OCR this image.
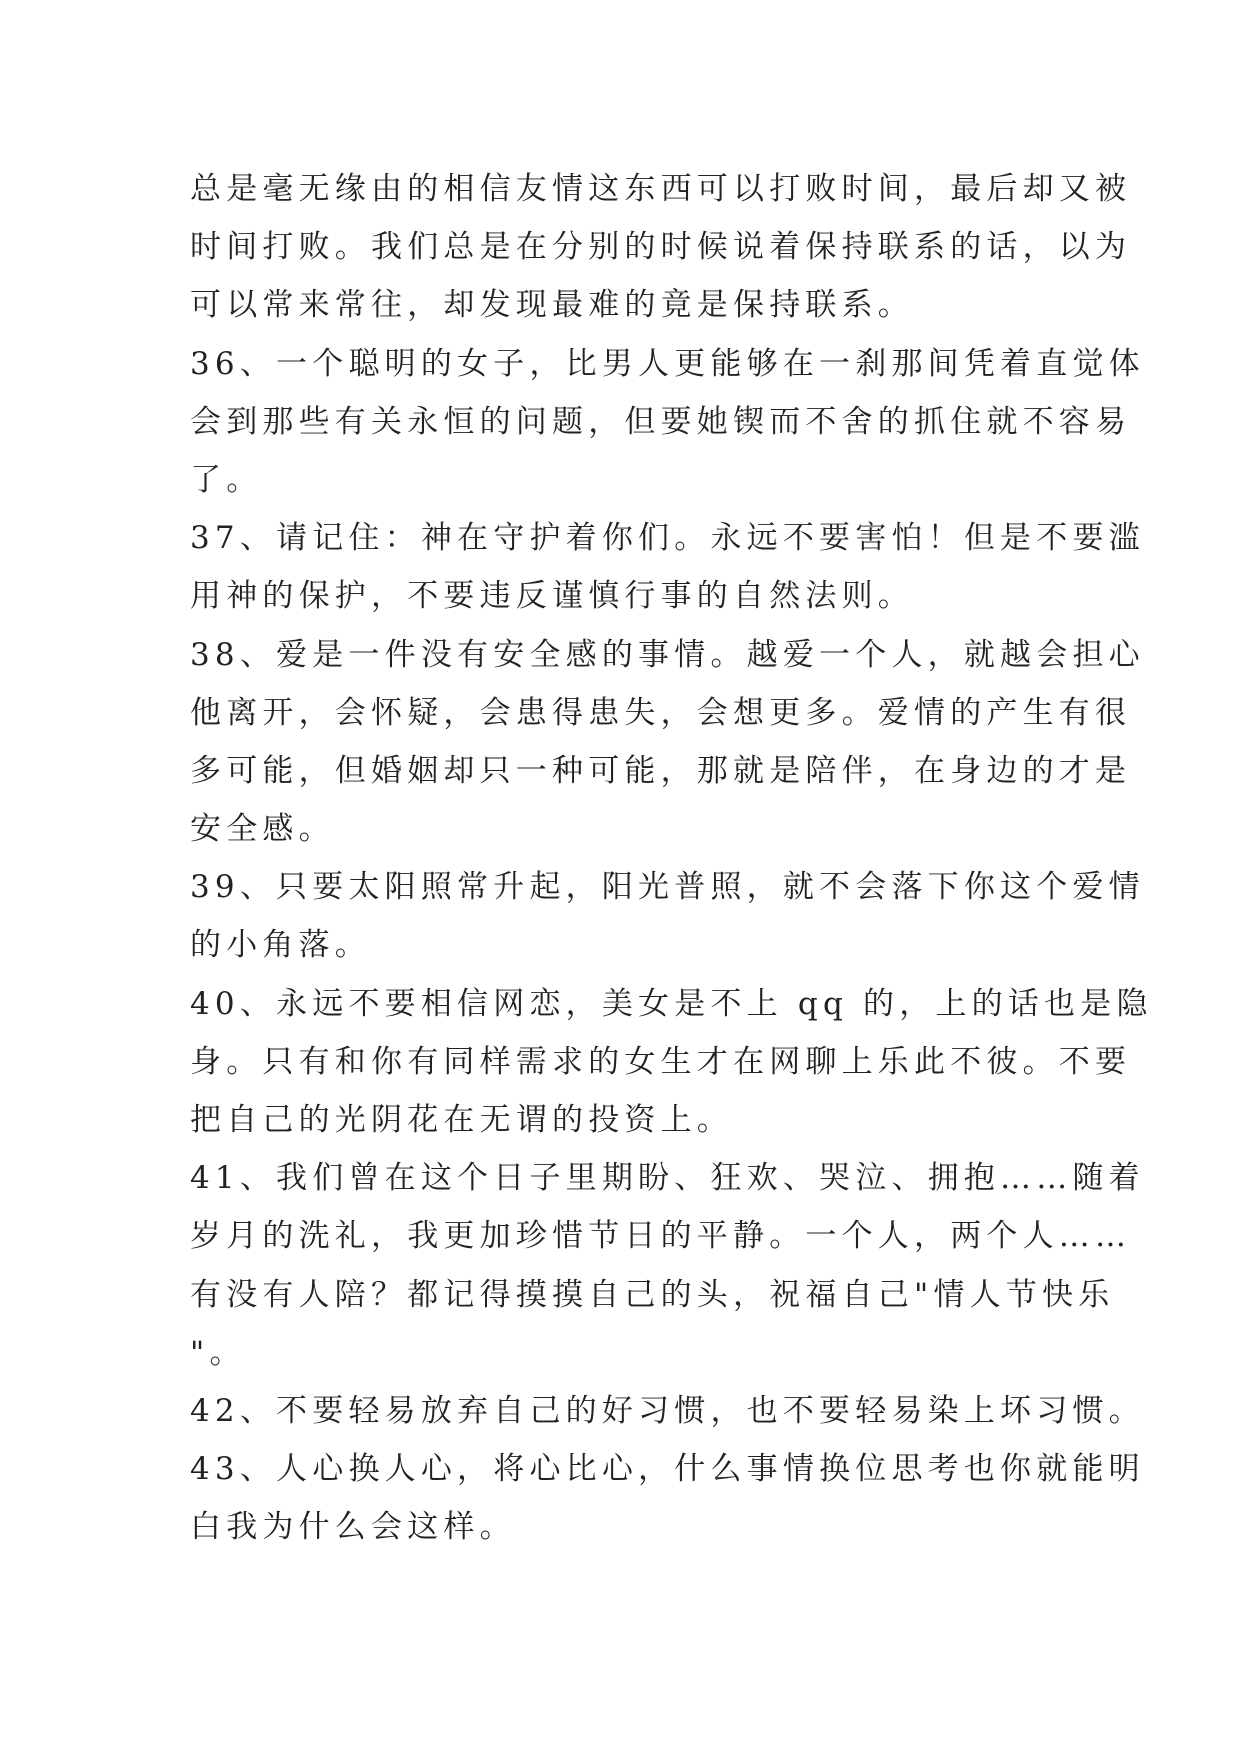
总是毫无缘由的相信友情这东西可以打败时间，最后却又被
时间打败。我们总是在分别的时候说着保持联系的话，以为
可以常来常往，却发现最难的竟是保持联系。
36、一个聪明的女子，比男人更能够在一刹那间凭着直觉体
会到那些有关永恒的问题，但要她锲而不舍的抓住就不容易
了。
37、请记住：神在守护着你们。永远不要害怕！但是不要滥
用神的保护，不要违反谨慎行事的自然法则。
38、爱是一件没有安全感的事情。越爱一个人，就越会担心
他离开，会怀疑，会患得患失，会想更多。爱情的产生有很
多可能，但婚姻却只一种可能，那就是陪伴，在身边的才是
安全感。
39、只要太阳照常升起，阳光普照，就不会落下你这个爱情
的小角落。
40、永远不要相信网恋，美女是不上 qq 的，上的话也是隐
身。只有和你有同样需求的女生才在网聊上乐此不彼。不要
把自己的光阴花在无谓的投资上。
41、我们曾在这个日子里期盼、狂欢、哭泣、拥抱……随着
岁月的洗礼，我更加珍惜节日的平静。一个人，两个人……
有没有人陪？都记得摸摸自己的头，祝福自己"情人节快乐
"。
42、不要轻易放弃自己的好习惯，也不要轻易染上坏习惯。
43、人心换人心，将心比心，什么事情换位思考也你就能明
白我为什么会这样。
